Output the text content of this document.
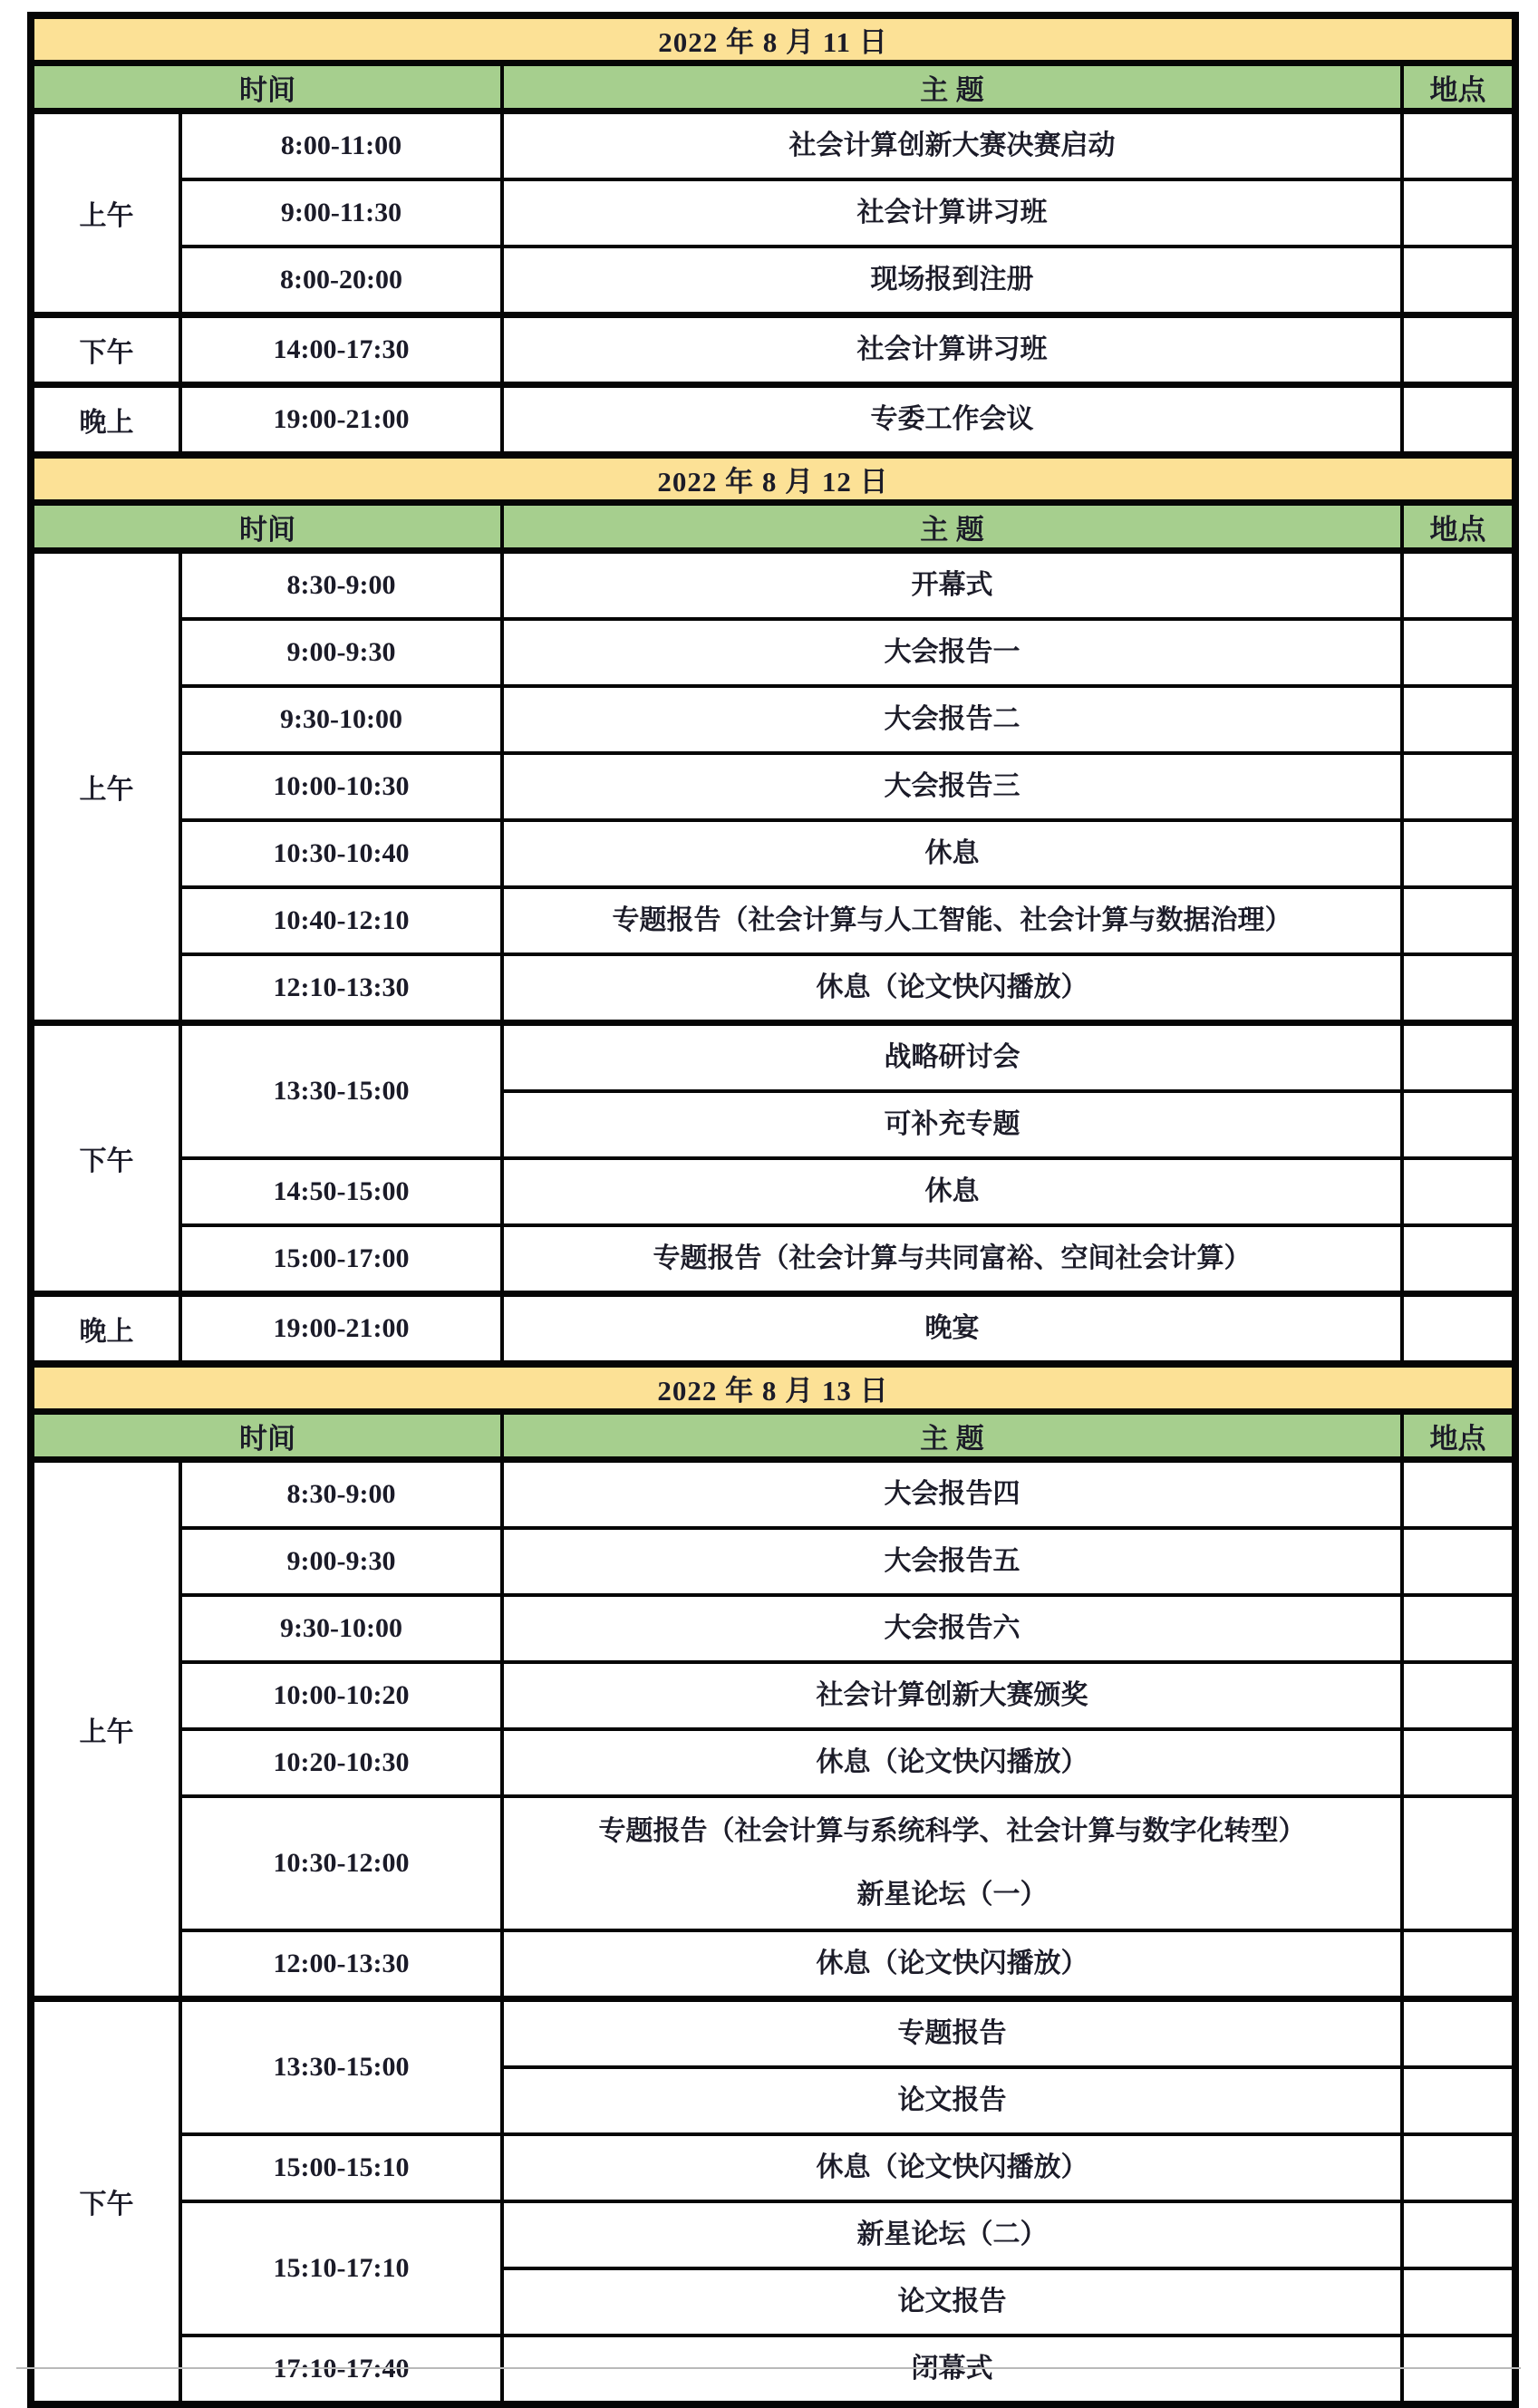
2022 年 8 月 11 日			
时间		主 题	地点
上午	8:00-11:00	社会计算创新大赛决赛启动	

	9:00-11:30	社会计算讲习班	

	8:00-20:00	现场报到注册	

下午	14:00-17:30	社会计算讲习班	

晚上	19:00-21:00	专委工作会议	

2022 年 8 月 12 日			
时间		主 题	地点
上午	8:30-9:00	开幕式	

	9:00-9:30	大会报告一	

	9:30-10:00	大会报告二	

	10:00-10:30	大会报告三	

	10:30-10:40	休息	

	10:40-12:10	专题报告（社会计算与人工智能、社会计算与数据治理）	

	12:10-13:30	休息（论文快闪播放）	

下午	13:30-15:00	战略研讨会	

		可补充专题	

	14:50-15:00	休息	

	15:00-17:00	专题报告（社会计算与共同富裕、空间社会计算）	

晚上	19:00-21:00	晚宴	

2022 年 8 月 13 日			
时间		主 题	地点
上午	8:30-9:00	大会报告四	

	9:00-9:30	大会报告五	

	9:30-10:00	大会报告六	

	10:00-10:20	社会计算创新大赛颁奖	

	10:20-10:30	休息（论文快闪播放）	

	10:30-12:00	专题报告（社会计算与系统科学、社会计算与数字化转型）
新星论坛（一）	

	12:00-13:30	休息（论文快闪播放）	

下午	13:30-15:00	专题报告	

		论文报告	

	15:00-15:10	休息（论文快闪播放）	

	15:10-17:10	新星论坛（二）	

		论文报告	

	17:10-17:40	闭幕式	
